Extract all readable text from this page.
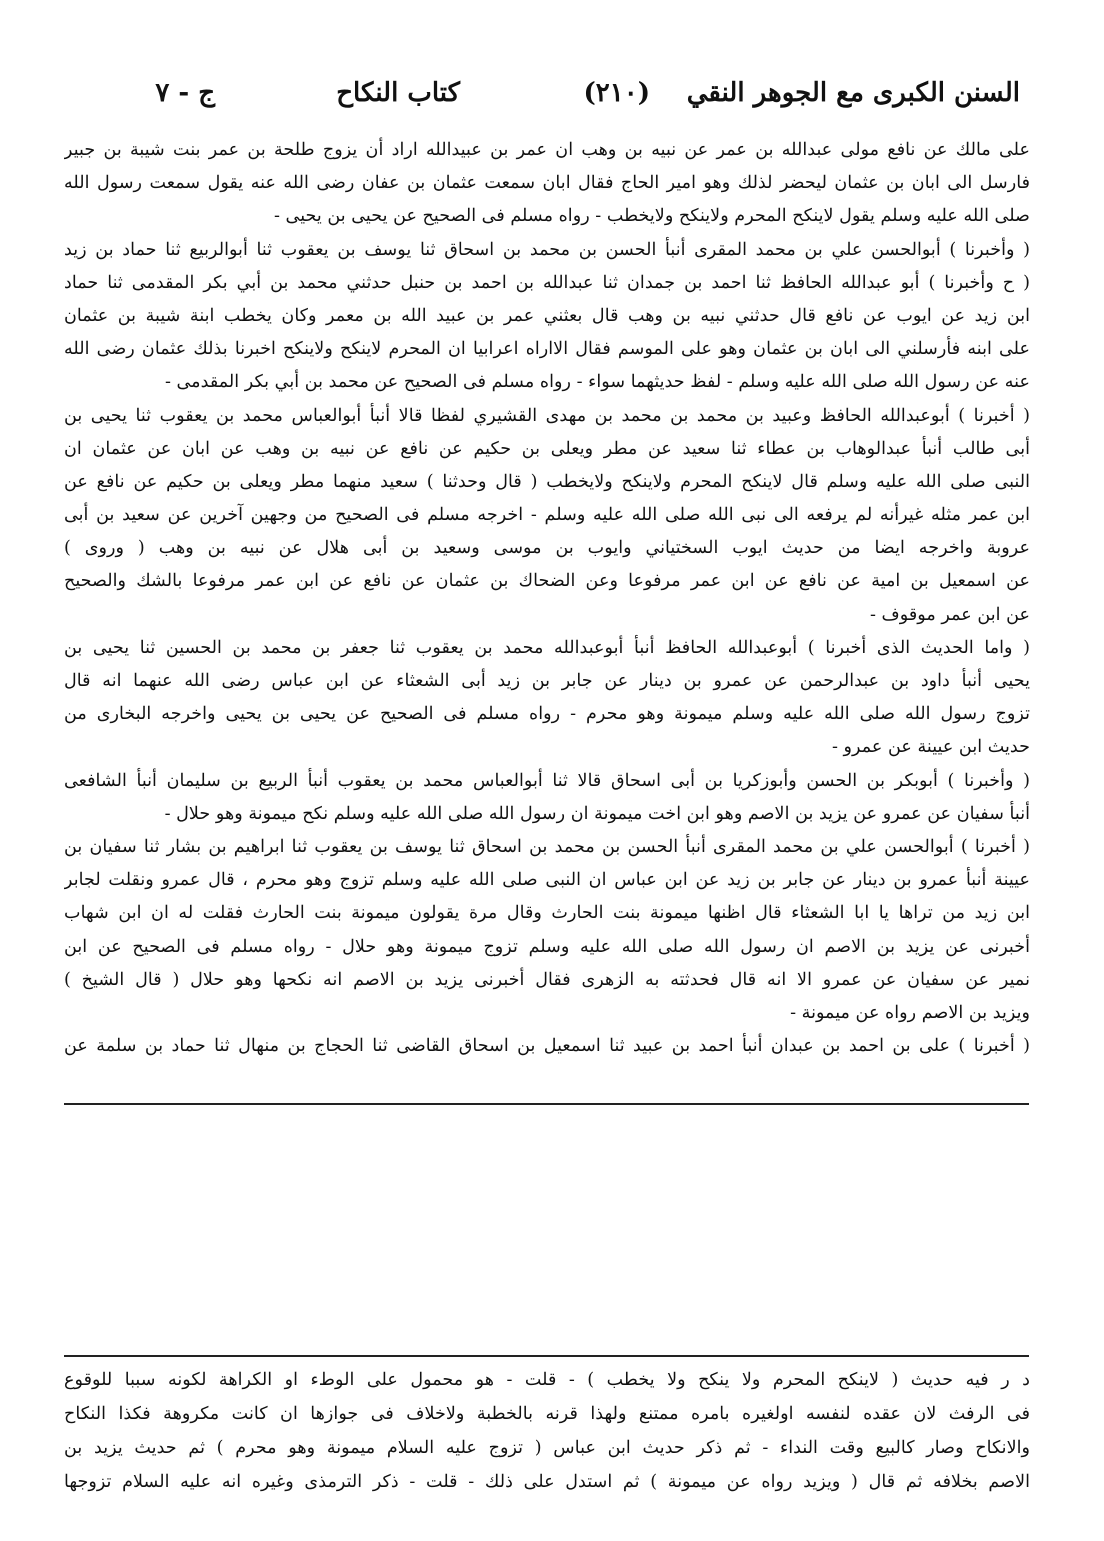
السنن الكبرى مع الجوهر النقي
(٢١٠)
كتاب النكاح
ج - ٧
على مالك عن نافع مولى عبدالله بن عمر عن نبيه بن وهب ان عمر بن عبيدالله اراد أن يزوج طلحة بن عمر بنت شيبة بن جبير
فارسل الى ابان بن عثمان ليحضر لذلك وهو امير الحاج فقال ابان سمعت عثمان بن عفان رضى الله عنه يقول سمعت رسول الله
صلى الله عليه وسلم يقول لاينكح المحرم ولاينكح ولايخطب - رواه مسلم فى الصحيح عن يحيى بن يحيى -
( وأخبرنا ) أبوالحسن علي بن محمد المقرى أنبأ الحسن بن محمد بن اسحاق ثنا يوسف بن يعقوب ثنا أبوالربيع ثنا حماد بن زيد
( ح وأخبرنا ) أبو عبدالله الحافظ ثنا احمد بن جمدان ثنا عبدالله بن احمد بن حنبل حدثني محمد بن أبي بكر المقدمى ثنا حماد
ابن زيد عن ايوب عن نافع قال حدثني نبيه بن وهب قال بعثني عمر بن عبيد الله بن معمر وكان يخطب ابنة شيبة بن عثمان
على ابنه فأرسلني الى ابان بن عثمان وهو على الموسم فقال الااراه اعرابيا ان المحرم لاينكح ولاينكح اخبرنا بذلك عثمان رضى الله
عنه عن رسول الله صلى الله عليه وسلم - لفظ حديثهما سواء - رواه مسلم فى الصحيح عن محمد بن أبي بكر المقدمى -
( أخبرنا ) أبوعبدالله الحافظ وعبيد بن محمد بن محمد بن مهدى القشيري لفظا قالا أنبأ أبوالعباس محمد بن يعقوب ثنا يحيى بن
أبى طالب أنبأ عبدالوهاب بن عطاء ثنا سعيد عن مطر ويعلى بن حكيم عن نافع عن نبيه بن وهب عن ابان عن عثمان ان
النبى صلى الله عليه وسلم قال لاينكح المحرم ولاينكح ولايخطب ( قال وحدثنا ) سعيد منهما مطر ويعلى بن حكيم عن نافع عن
ابن عمر مثله غيرأنه لم يرفعه الى نبى الله صلى الله عليه وسلم - اخرجه مسلم فى الصحيح من وجهين آخرين عن سعيد بن أبى
عروبة واخرجه ايضا من حديث ايوب السختياني وايوب بن موسى وسعيد بن أبى هلال عن نبيه بن وهب ( وروى )
عن اسمعيل بن امية عن نافع عن ابن عمر مرفوعا وعن الضحاك بن عثمان عن نافع عن ابن عمر مرفوعا بالشك والصحيح
عن ابن عمر موقوف -
( واما الحديث الذى أخبرنا ) أبوعبدالله الحافظ أنبأ أبوعبدالله محمد بن يعقوب ثنا جعفر بن محمد بن الحسين ثنا يحيى بن
يحيى أنبأ داود بن عبدالرحمن عن عمرو بن دينار عن جابر بن زيد أبى الشعثاء عن ابن عباس رضى الله عنهما انه قال
تزوج رسول الله صلى الله عليه وسلم ميمونة وهو محرم - رواه مسلم فى الصحيح عن يحيى بن يحيى واخرجه البخارى من
حديث ابن عيينة عن عمرو -
( وأخبرنا ) أبوبكر بن الحسن وأبوزكريا بن أبى اسحاق قالا ثنا أبوالعباس محمد بن يعقوب أنبأ الربيع بن سليمان أنبأ الشافعى
أنبأ سفيان عن عمرو عن يزيد بن الاصم وهو ابن اخت ميمونة ان رسول الله صلى الله عليه وسلم نكح ميمونة وهو حلال -
( أخبرنا ) أبوالحسن علي بن محمد المقرى أنبأ الحسن بن محمد بن اسحاق ثنا يوسف بن يعقوب ثنا ابراهيم بن بشار ثنا سفيان بن
عيينة أنبأ عمرو بن دينار عن جابر بن زيد عن ابن عباس ان النبى صلى الله عليه وسلم تزوج وهو محرم ، قال عمرو ونقلت لجابر
ابن زيد من تراها يا ابا الشعثاء قال اظنها ميمونة بنت الحارث وقال مرة يقولون ميمونة بنت الحارث فقلت له ان ابن شهاب
أخبرنى عن يزيد بن الاصم ان رسول الله صلى الله عليه وسلم تزوج ميمونة وهو حلال - رواه مسلم فى الصحيح عن ابن
نمير عن سفيان عن عمرو الا انه قال فحدثته به الزهرى فقال أخبرنى يزيد بن الاصم انه نكحها وهو حلال ( قال الشيخ )
ويزيد بن الاصم رواه عن ميمونة -
( أخبرنا ) على بن احمد بن عبدان أنبأ احمد بن عبيد ثنا اسمعيل بن اسحاق القاضى ثنا الحجاج بن منهال ثنا حماد بن سلمة عن
د ر فيه حديث ( لاينكح المحرم ولا ينكح ولا يخطب ) - قلت - هو محمول على الوطء او الكراهة لكونه سببا للوقوع
فى الرفث لان عقده لنفسه اولغيره بامره ممتنع ولهذا قرنه بالخطبة ولاخلاف فى جوازها ان كانت مكروهة فكذا النكاح
والانكاح وصار كالبيع وقت النداء - ثم ذكر حديث ابن عباس ( تزوج عليه السلام ميمونة وهو محرم ) ثم حديث يزيد بن
الاصم بخلافه ثم قال ( ويزيد رواه عن ميمونة ) ثم استدل على ذلك - قلت - ذكر الترمذى وغيره انه عليه السلام تزوجها
